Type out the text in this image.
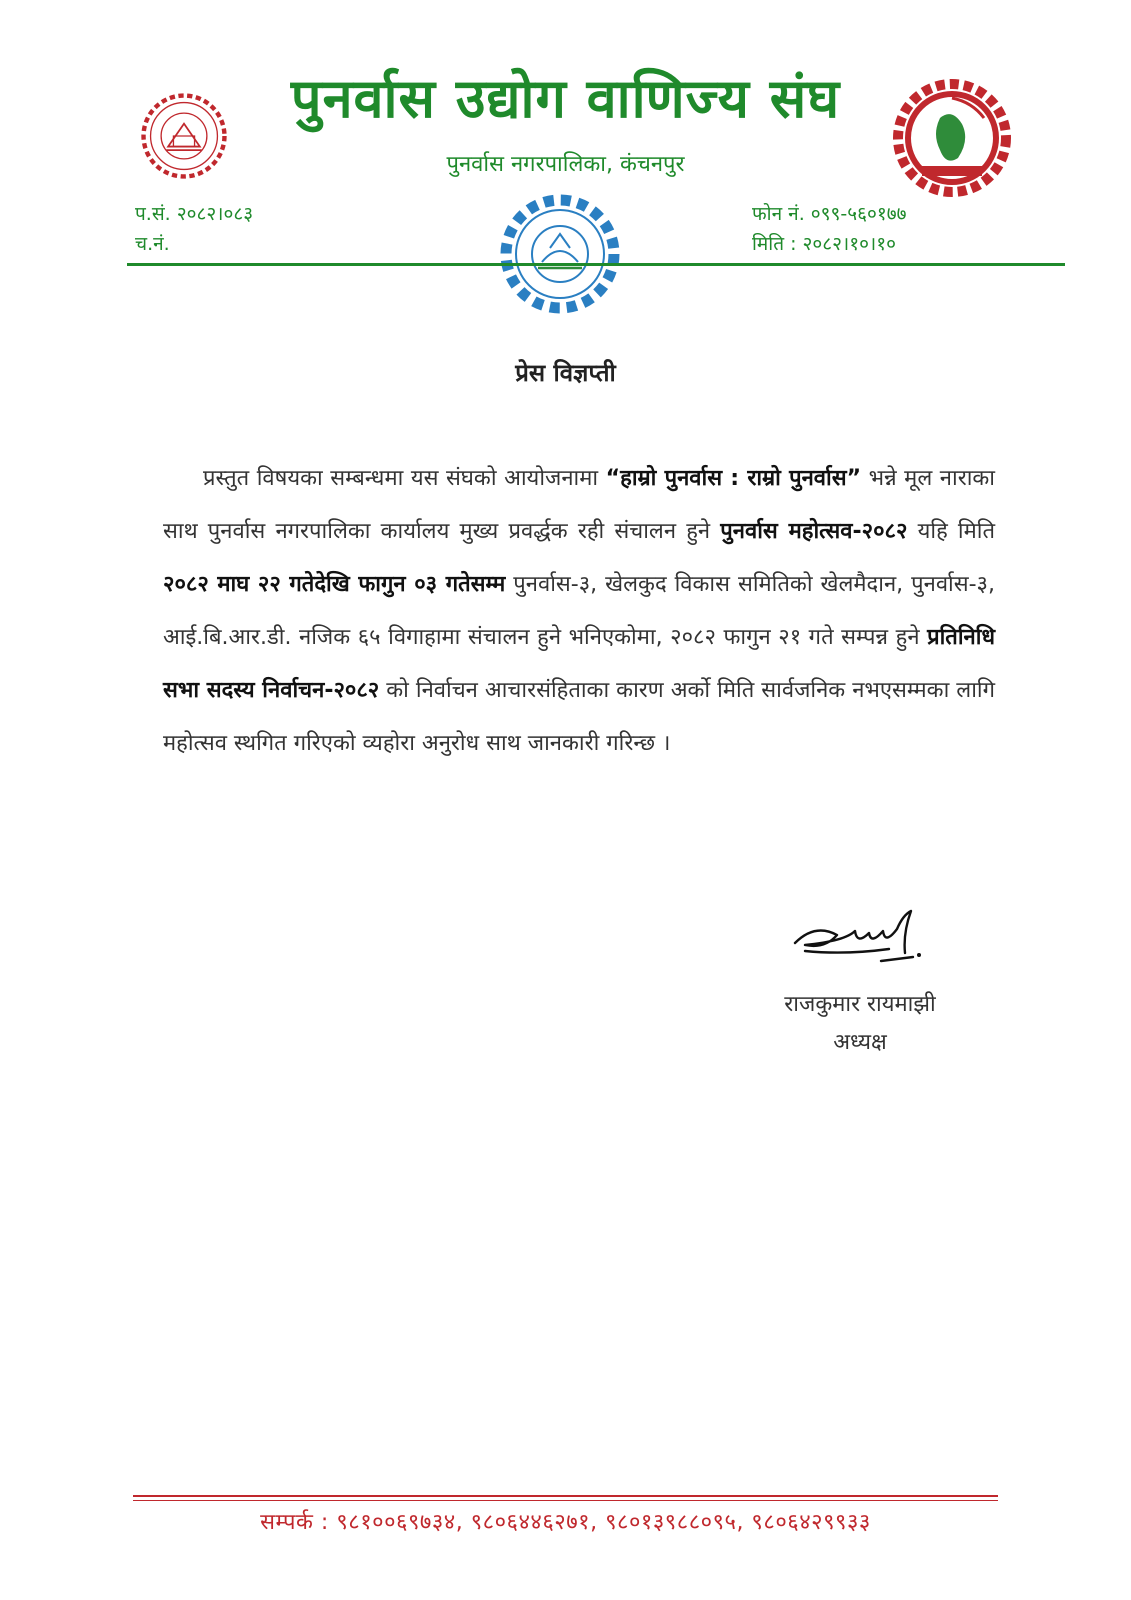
पुनर्वास उद्योग वाणिज्य संघ
पुनर्वास नगरपालिका, कंचनपुर
प.सं. २०८२।०८३
च.नं.
फोन नं. ०९९-५६०१७७
मिति : २०८२।१०।१०
प्रेस विज्ञप्ती
प्रस्तुत विषयका सम्बन्धमा यस संघको आयोजनामा “हाम्रो पुनर्वास : राम्रो पुनर्वास” भन्ने मूल नाराका साथ पुनर्वास नगरपालिका कार्यालय मुख्य प्रवर्द्धक रही संचालन हुने पुनर्वास महोत्सव-२०८२ यहि मिति २०८२ माघ २२ गतेदेखि फागुन ०३ गतेसम्म पुनर्वास-३, खेलकुद विकास समितिको खेलमैदान, पुनर्वास-३, आई.बि.आर.डी. नजिक ६५ विगाहामा संचालन हुने भनिएकोमा, २०८२ फागुन २१ गते सम्पन्न हुने प्रतिनिधि सभा सदस्य निर्वाचन-२०८२ को निर्वाचन आचारसंहिताका कारण अर्को मिति सार्वजनिक नभएसम्मका लागि महोत्सव स्थगित गरिएको व्यहोरा अनुरोध साथ जानकारी गरिन्छ ।
राजकुमार रायमाझी
अध्यक्ष
सम्पर्क : ९८१००६९७३४, ९८०६४४६२७१, ९८०१३९८८०९५, ९८०६४२९९३३
